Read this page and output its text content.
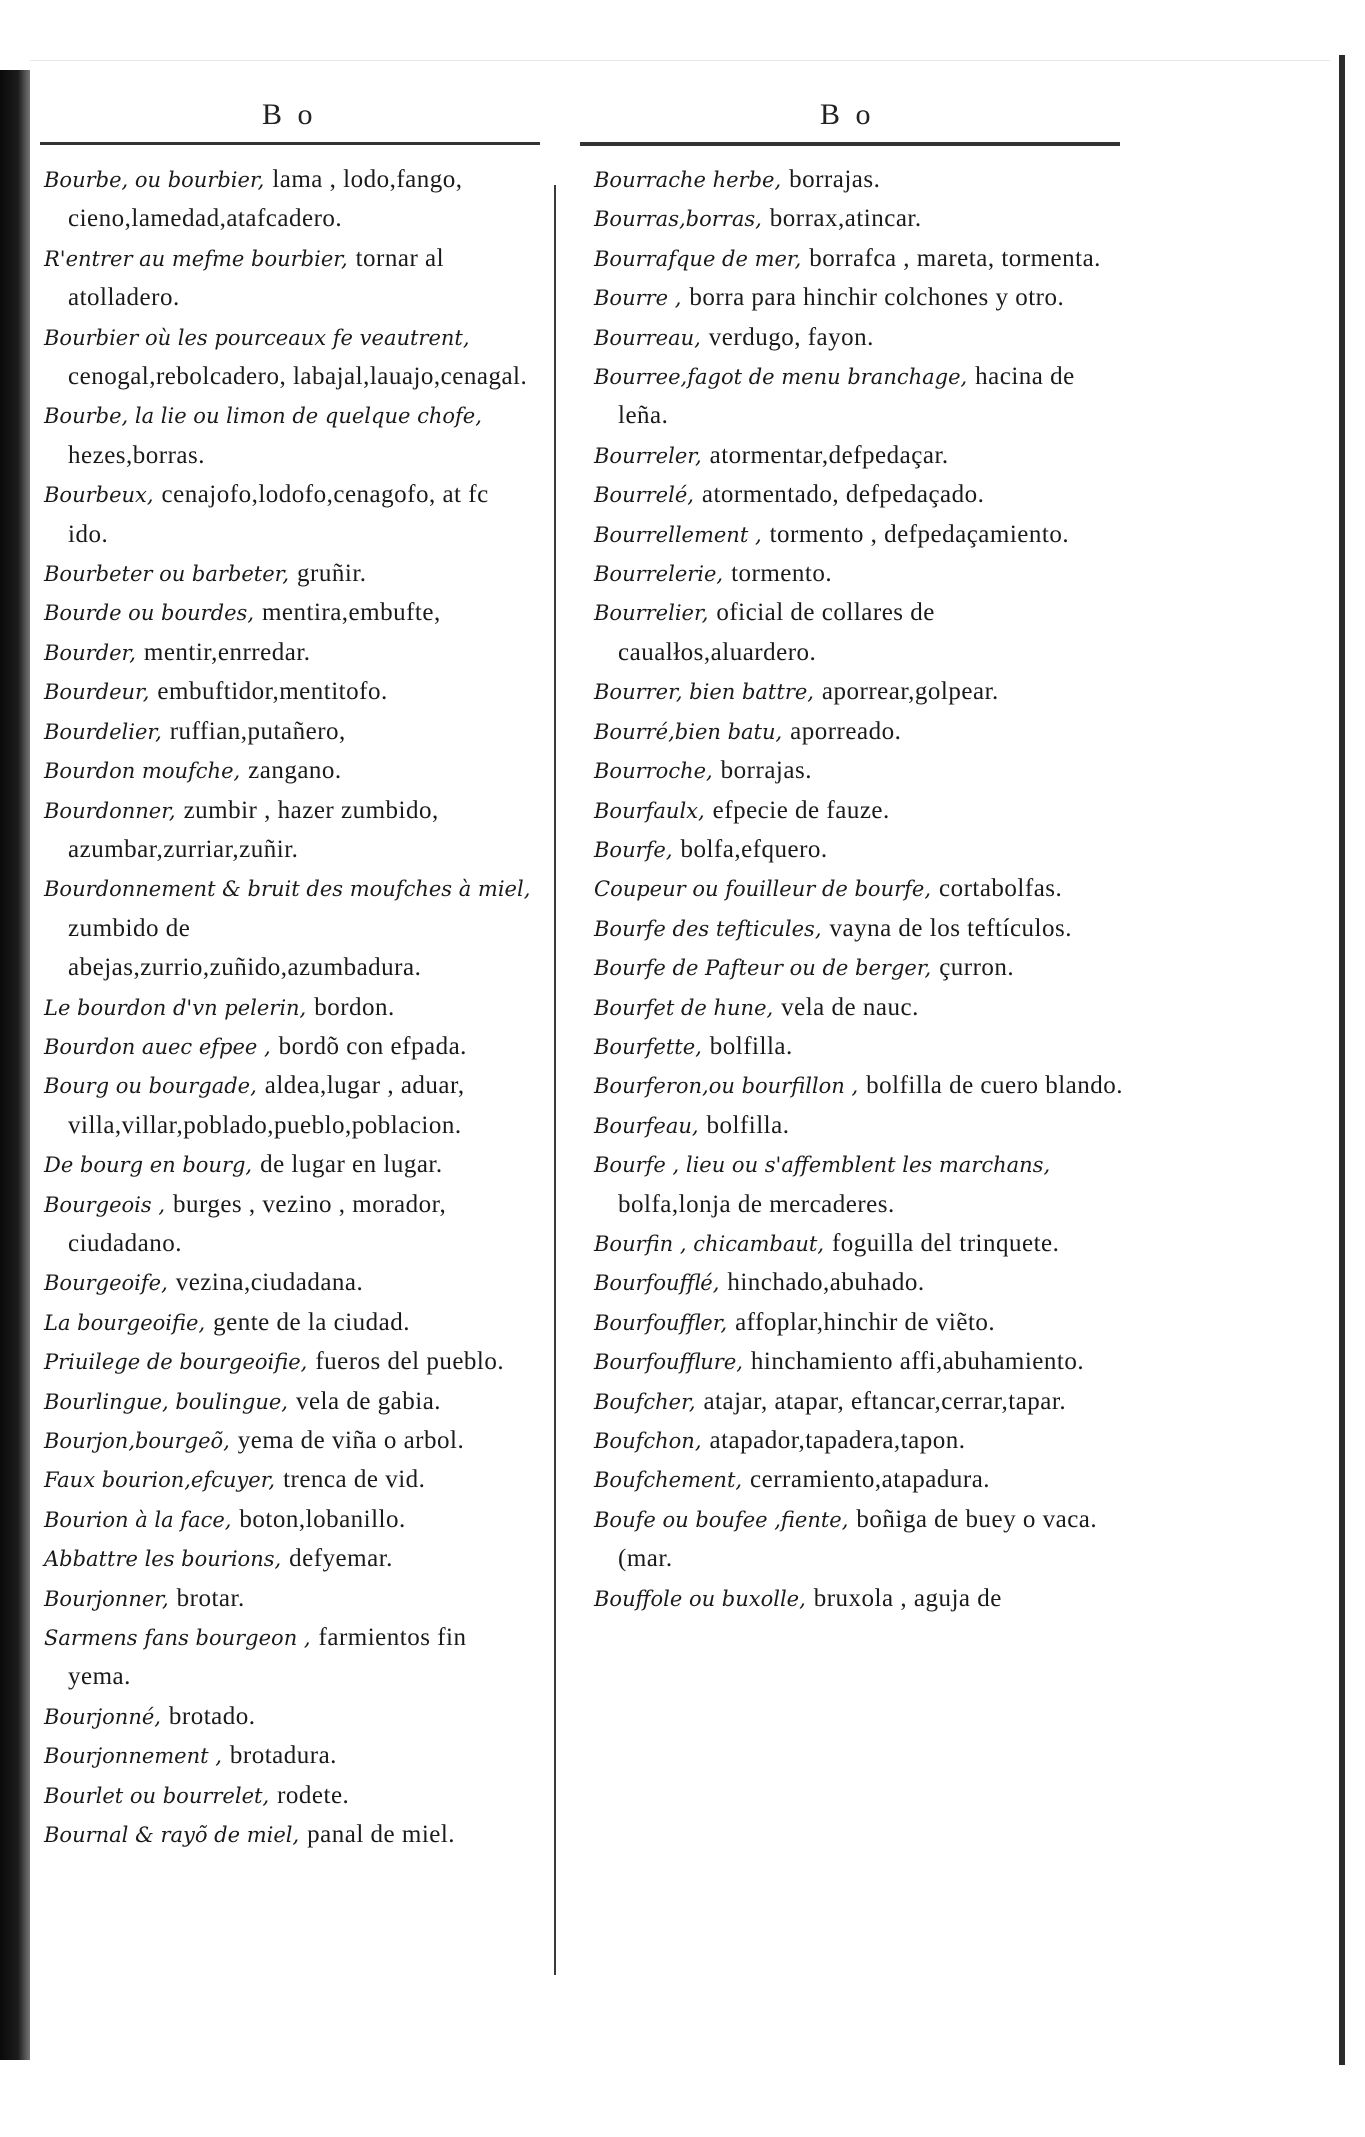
B o	B o

Bourbe, ou bourbier, lama , lodo,fango, cieno,lamedad,atafcadero.

R'entrer au mefme bourbier, tornar al atolladero.

Bourbier où les pourceaux fe veautrent, cenogal,rebolcadero, labajal,lauajo,cenagal.

Bourbe, la lie ou limon de quelque chofe, hezes,borras.

Bourbeux, cenajofo,lodofo,cenagofo, at fc ido.

Bourbeter ou barbeter, gruñir.

Bourde ou bourdes, mentira,embufte,

Bourder, mentir,enrredar.

Bourdeur, embuftidor,mentitofo.

Bourdelier, ruffian,putañero,

Bourdon moufche, zangano.

Bourdonner, zumbir , hazer zumbido, azumbar,zurriar,zuñir.

Bourdonnement & bruit des moufches à miel, zumbido de abejas,zurrio,zuñido,azumbadura.

Le bourdon d'vn pelerin, bordon.

Bourdon auec efpee , bordõ con efpada.

Bourg ou bourgade, aldea,lugar , aduar, villa,villar,poblado,pueblo,poblacion.

De bourg en bourg, de lugar en lugar.

Bourgeois , burges , vezino , morador, ciudadano.

Bourgeoife, vezina,ciudadana.

La bourgeoifie, gente de la ciudad.

Priuilege de bourgeoifie, fueros del pueblo.

Bourlingue, boulingue, vela de gabia.

Bourjon,bourgeõ, yema de viña o arbol.

Faux bourion,efcuyer, trenca de vid.

Bourion à la face, boton,lobanillo.

Abbattre les bourions, defyemar.

Bourjonner, brotar.

Sarmens fans bourgeon , farmientos fin yema.

Bourjonné, brotado.

Bourjonnement , brotadura.

Bourlet ou bourrelet, rodete.

Bournal & rayõ de miel, panal de miel.

Bourrache herbe, borrajas.

Bourras,borras, borrax,atincar.

Bourrafque de mer, borrafca , mareta, tormenta.

Bourre , borra para hinchir colchones y otro.

Bourreau, verdugo, fayon.

Bourree,fagot de menu branchage, hacina de leña.

Bourreler, atormentar,defpedaçar.

Bourrelé, atormentado, defpedaçado.

Bourrellement , tormento , defpedaçamiento.

Bourrelerie, tormento.

Bourrelier, oficial de collares de caualłos,aluardero.

Bourrer, bien battre, aporrear,golpear.

Bourré,bien batu, aporreado.

Bourroche, borrajas.

Bourfaulx, efpecie de fauze.

Bourfe, bolfa,efquero.

Coupeur ou fouilleur de bourfe, cortabolfas.

Bourfe des tefticules, vayna de los teftículos.

Bourfe de Pafteur ou de berger, çurron.

Bourfet de hune, vela de nauc.

Bourfette, bolfilla.

Bourferon,ou bourfillon , bolfilla de cuero blando.

Bourfeau, bolfilla.

Bourfe , lieu ou s'affemblent les marchans, bolfa,lonja de mercaderes.

Bourfin , chicambaut, foguilla del trinquete.

Bourfoufflé, hinchado,abuhado.

Bourfouffler, affoplar,hinchir de viẽto.

Bourfoufflure, hinchamiento affi,abuhamiento.

Boufcher, atajar, atapar, eftancar,cerrar,tapar.

Boufchon, atapador,tapadera,tapon.

Boufchement, cerramiento,atapadura.

Boufe ou boufee ,fiente, boñiga de buey o vaca. (mar.

Bouffole ou buxolle, bruxola , aguja de
